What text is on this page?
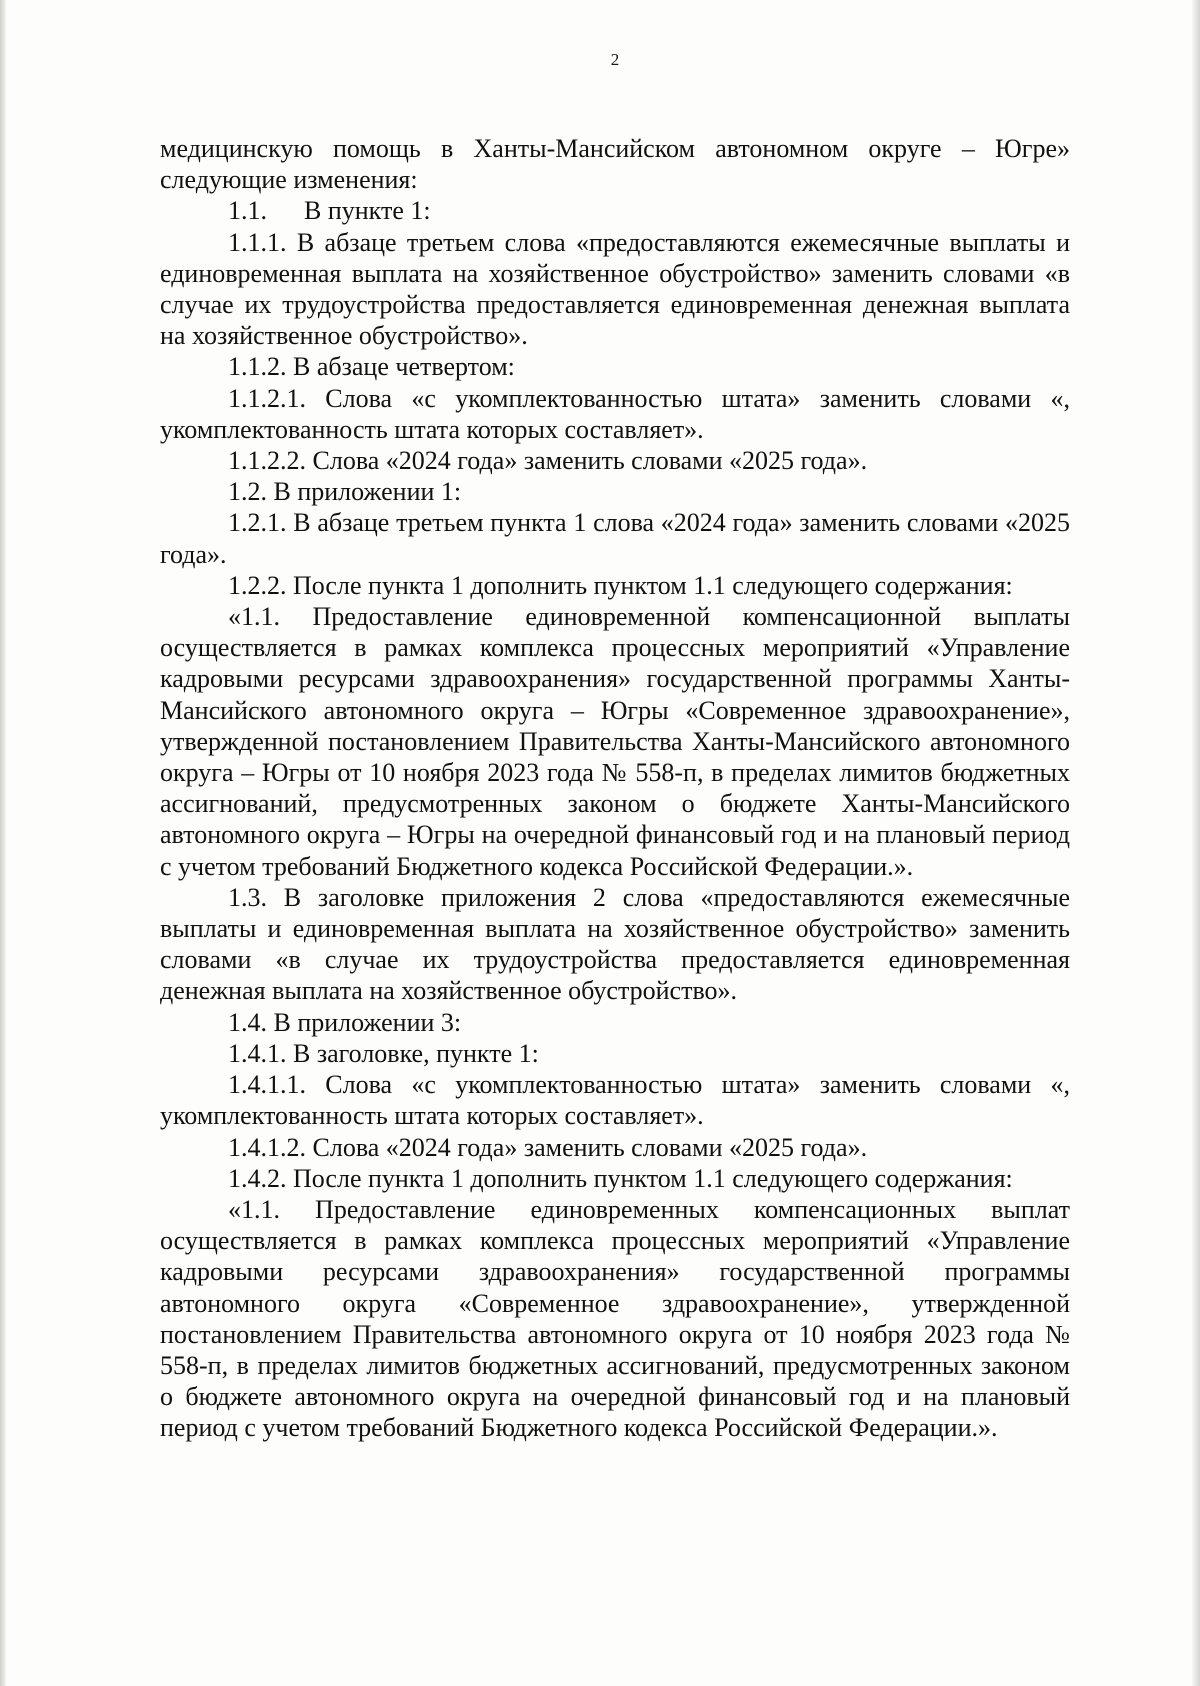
2

медицинскую помощь в Ханты-Мансийском автономном округе – Югре» следующие изменения:

1.1. В пункте 1:

1.1.1. В абзаце третьем слова «предоставляются ежемесячные выплаты и единовременная выплата на хозяйственное обустройство» заменить словами «в случае их трудоустройства предоставляется единовременная денежная выплата на хозяйственное обустройство».

1.1.2. В абзаце четвертом:

1.1.2.1. Слова «с укомплектованностью штата» заменить словами «, укомплектованность штата которых составляет».

1.1.2.2. Слова «2024 года» заменить словами «2025 года».

1.2. В приложении 1:

1.2.1. В абзаце третьем пункта 1 слова «2024 года» заменить словами «2025 года».

1.2.2. После пункта 1 дополнить пунктом 1.1 следующего содержания:

«1.1. Предоставление единовременной компенсационной выплаты осуществляется в рамках комплекса процессных мероприятий «Управление кадровыми ресурсами здравоохранения» государственной программы Ханты-Мансийского автономного округа – Югры «Современное здравоохранение», утвержденной постановлением Правительства Ханты-Мансийского автономного округа – Югры от 10 ноября 2023 года № 558-п, в пределах лимитов бюджетных ассигнований, предусмотренных законом о бюджете Ханты-Мансийского автономного округа – Югры на очередной финансовый год и на плановый период с учетом требований Бюджетного кодекса Российской Федерации.».

1.3. В заголовке приложения 2 слова «предоставляются ежемесячные выплаты и единовременная выплата на хозяйственное обустройство» заменить словами «в случае их трудоустройства предоставляется единовременная денежная выплата на хозяйственное обустройство».

1.4. В приложении 3:

1.4.1. В заголовке, пункте 1:

1.4.1.1. Слова «с укомплектованностью штата» заменить словами «, укомплектованность штата которых составляет».

1.4.1.2. Слова «2024 года» заменить словами «2025 года».

1.4.2. После пункта 1 дополнить пунктом 1.1 следующего содержания:

«1.1. Предоставление единовременных компенсационных выплат осуществляется в рамках комплекса процессных мероприятий «Управление кадровыми ресурсами здравоохранения» государственной программы автономного округа «Современное здравоохранение», утвержденной постановлением Правительства автономного округа от 10 ноября 2023 года № 558-п, в пределах лимитов бюджетных ассигнований, предусмотренных законом о бюджете автономного округа на очередной финансовый год и на плановый период с учетом требований Бюджетного кодекса Российской Федерации.».
